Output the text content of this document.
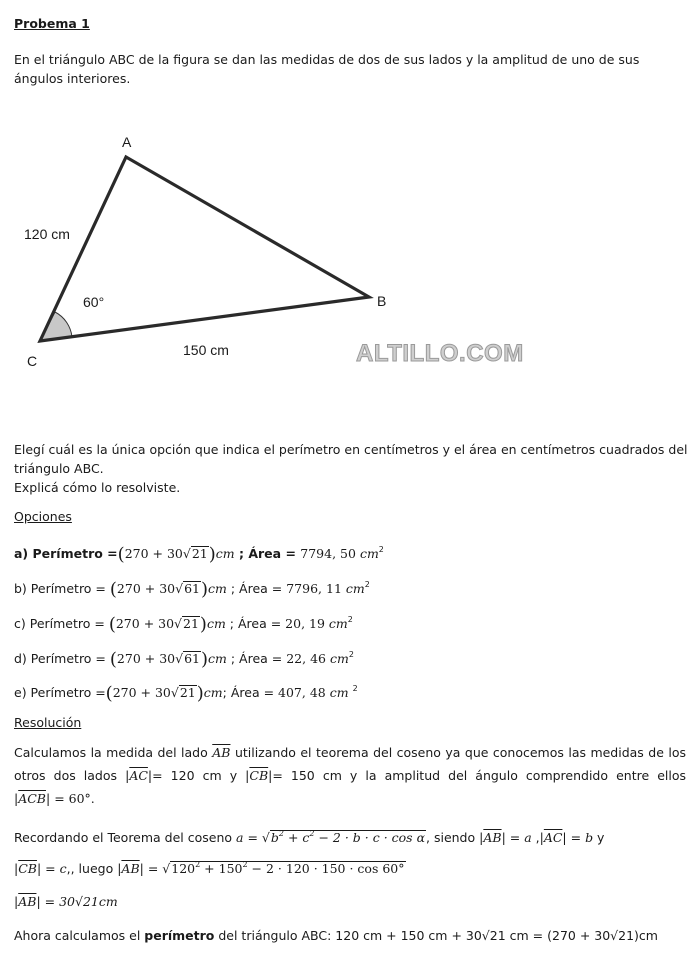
Probema 1
En el triángulo ABC de la figura se dan las medidas de dos de sus lados y la amplitud de uno de sus ángulos interiores.
A
B
C
120 cm
150 cm
60°
ALTILLO.COM
Elegí cuál es la única opción que indica el perímetro en centímetros y el área en centímetros cuadrados del
triángulo ABC.
Explicá cómo lo resolviste.
Opciones
a) Perímetro =(270 + 30√21)cm ; Área = 7794, 50 $cm^2$
b) Perímetro = (270 + 30√61)cm ; Área = 7796, 11 $cm^2$
c) Perímetro = (270 + 30√21)cm ; Área = 20, 19 $cm^2$
d) Perímetro = (270 + 30√61)cm ; Área = 22, 46 $cm^2$
e) Perímetro =(270 + 30√21)cm; Área = 407, 48 cm $^2$
Resolución
Calculamos la medida del lado $\overline{AB}$ utilizando el teorema del coseno ya que conocemos las medidas de los
otros dos lados $|\overline{AC}|= 120$ cm y $|\overline{CB}|= 150$ cm y la amplitud del ángulo comprendido entre ellos
$|\overline{ACB}| = 60^\circ$.
Recordando el Teorema del coseno $a = √b^2 + c^2 - 2 \cdot b \cdot c \cdot \cos \alpha$, siendo $|\overline{AB}| = a$ $,|\overline{AC}| = b$ y
$|\overline{CB}| = c$,, luego $|\overline{AB}| = √120^2 + 150^2 - 2 \cdot 120 \cdot 150 \cdot \cos 60^\circ$
$|\overline{AB}| = 30√21cm$
Ahora calculamos el perímetro del triángulo ABC: 120 cm + 150 cm + 30√21 cm = (270 + 30√21)cm
